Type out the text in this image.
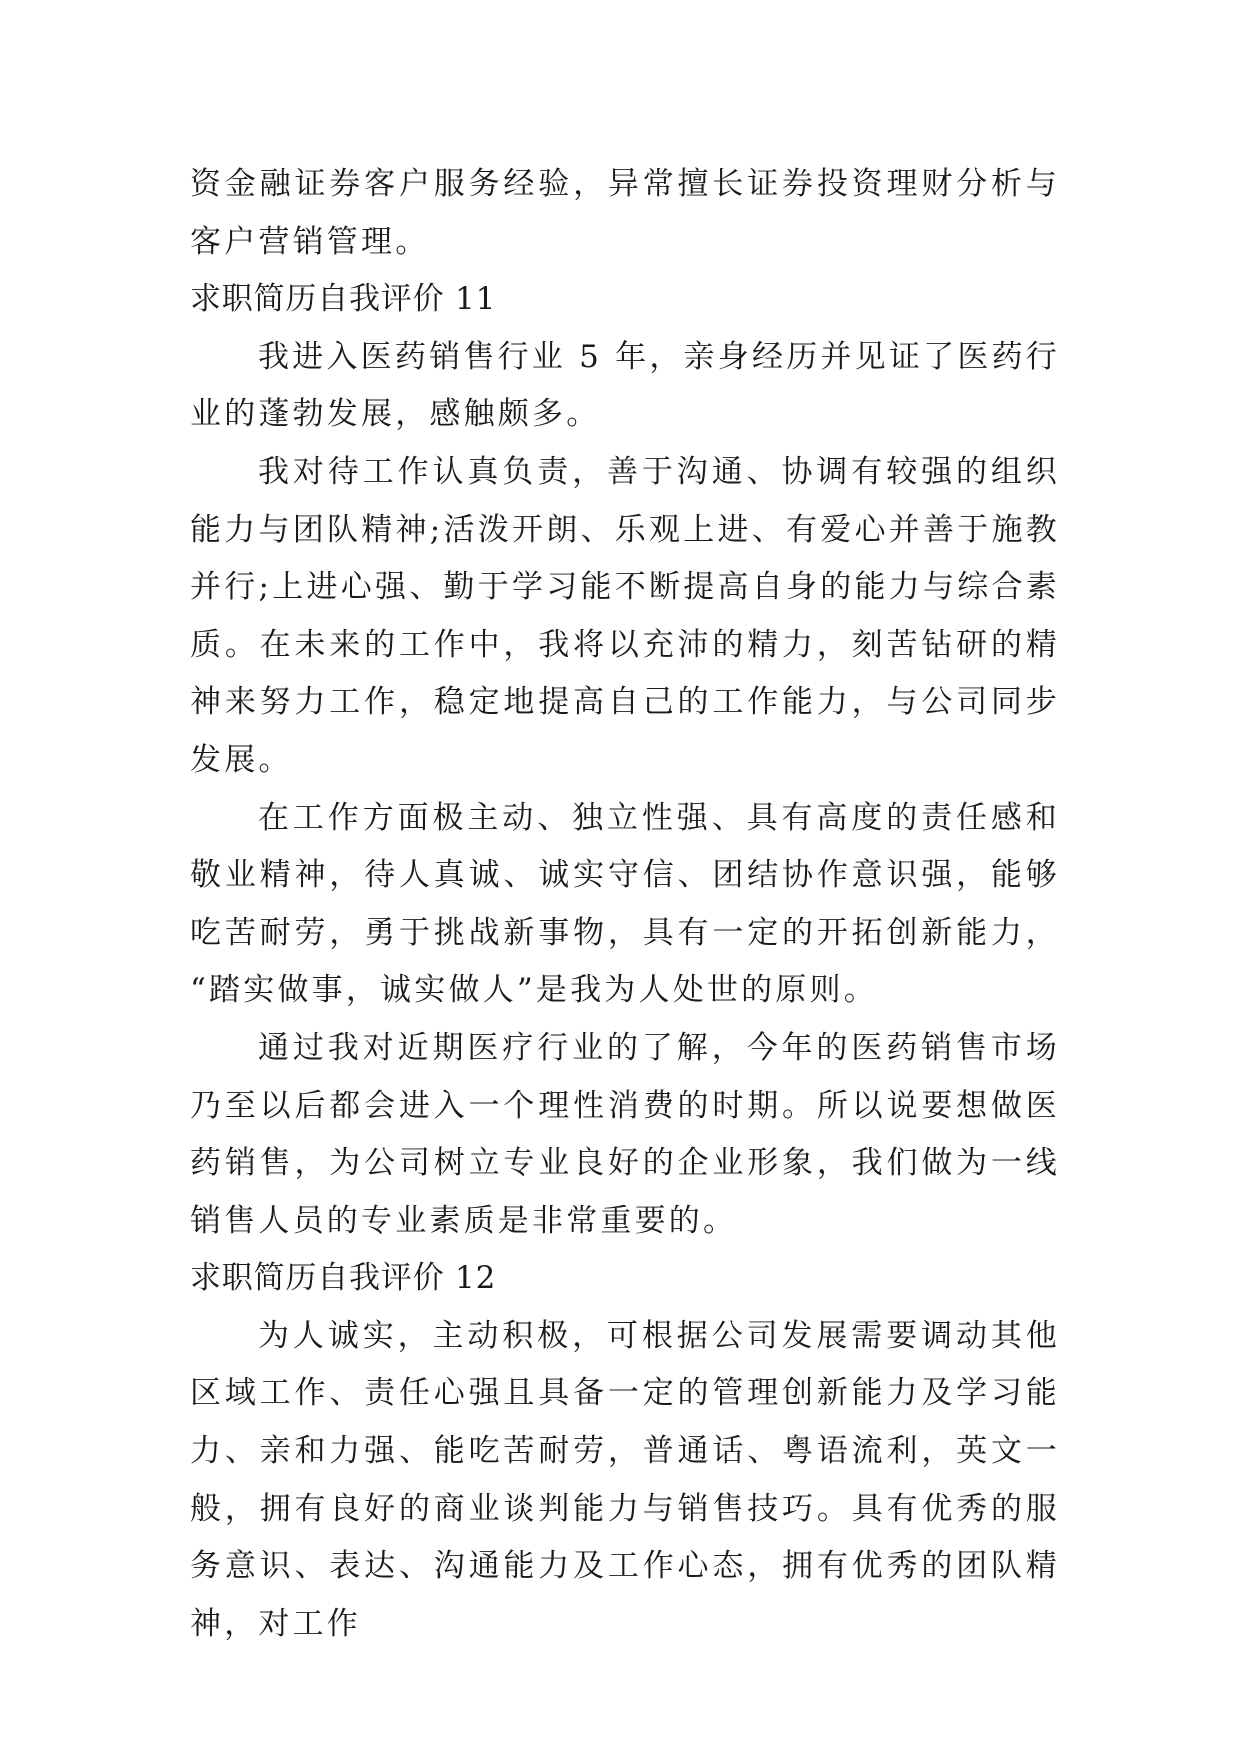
资金融证券客户服务经验，异常擅长证券投资理财分析与客户营销管理。

求职简历自我评价 11

我进入医药销售行业 5 年，亲身经历并见证了医药行业的蓬勃发展，感触颇多。

我对待工作认真负责，善于沟通、协调有较强的组织能力与团队精神;活泼开朗、乐观上进、有爱心并善于施教并行;上进心强、勤于学习能不断提高自身的能力与综合素质。在未来的工作中，我将以充沛的精力，刻苦钻研的精神来努力工作，稳定地提高自己的工作能力，与公司同步发展。

在工作方面极主动、独立性强、具有高度的责任感和敬业精神，待人真诚、诚实守信、团结协作意识强，能够吃苦耐劳，勇于挑战新事物，具有一定的开拓创新能力， “踏实做事，诚实做人”是我为人处世的原则。

通过我对近期医疗行业的了解，今年的医药销售市场乃至以后都会进入一个理性消费的时期。所以说要想做医药销售，为公司树立专业良好的企业形象，我们做为一线销售人员的专业素质是非常重要的。

求职简历自我评价 12

为人诚实，主动积极，可根据公司发展需要调动其他区域工作、责任心强且具备一定的管理创新能力及学习能力、亲和力强、能吃苦耐劳，普通话、粤语流利，英文一般，拥有良好的商业谈判能力与销售技巧。具有优秀的服务意识、表达、沟通能力及工作心态，拥有优秀的团队精神，对工作
